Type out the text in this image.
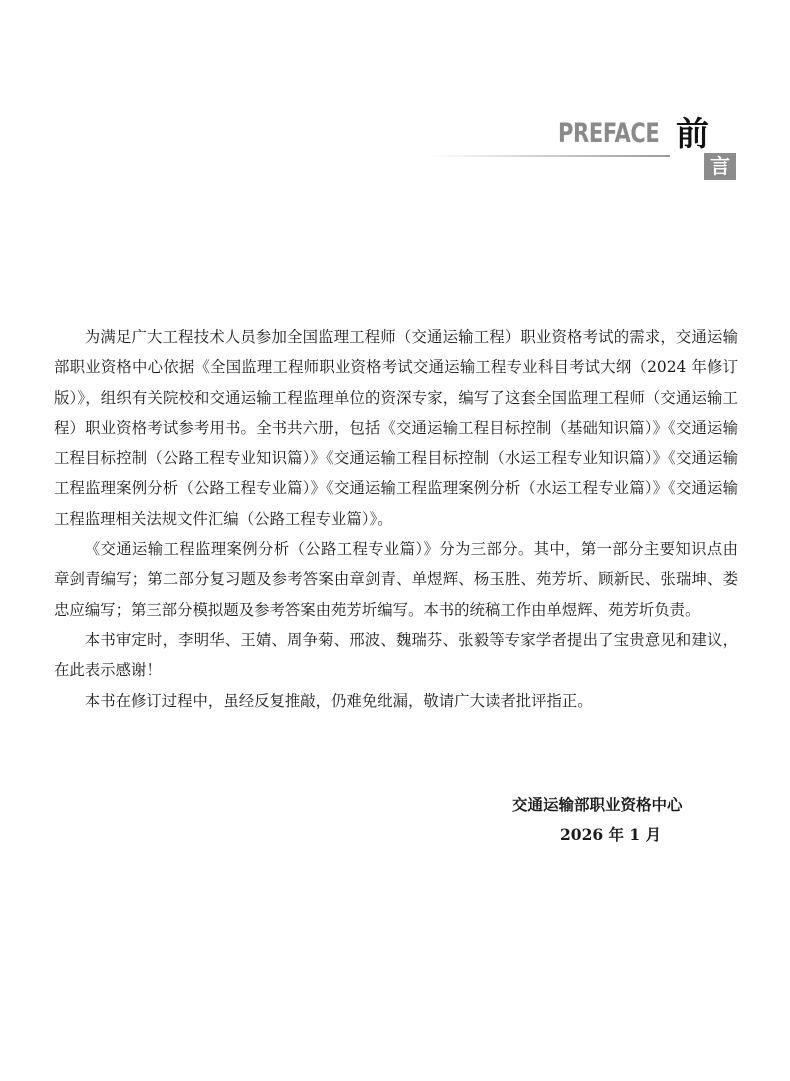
PREFACE 前
言

为满足广大工程技术人员参加全国监理工程师（交通运输工程）职业资格考试的需求，交通运输部职业资格中心依据《全国监理工程师职业资格考试交通运输工程专业科目考试大纲（2024 年修订版）》，组织有关院校和交通运输工程监理单位的资深专家，编写了这套全国监理工程师（交通运输工程）职业资格考试参考用书。全书共六册，包括《交通运输工程目标控制（基础知识篇）》《交通运输工程目标控制（公路工程专业知识篇）》《交通运输工程目标控制（水运工程专业知识篇）》《交通运输工程监理案例分析（公路工程专业篇）》《交通运输工程监理案例分析（水运工程专业篇）》《交通运输工程监理相关法规文件汇编（公路工程专业篇）》。

《交通运输工程监理案例分析（公路工程专业篇）》分为三部分。其中，第一部分主要知识点由章剑青编写；第二部分复习题及参考答案由章剑青、单煜辉、杨玉胜、苑芳圻、顾新民、张瑞坤、娄忠应编写；第三部分模拟题及参考答案由苑芳圻编写。本书的统稿工作由单煜辉、苑芳圻负责。

本书审定时，李明华、王婧、周争菊、邢波、魏瑞芬、张毅等专家学者提出了宝贵意见和建议，在此表示感谢！

本书在修订过程中，虽经反复推敲，仍难免纰漏，敬请广大读者批评指正。

交通运输部职业资格中心
2026 年 1 月
